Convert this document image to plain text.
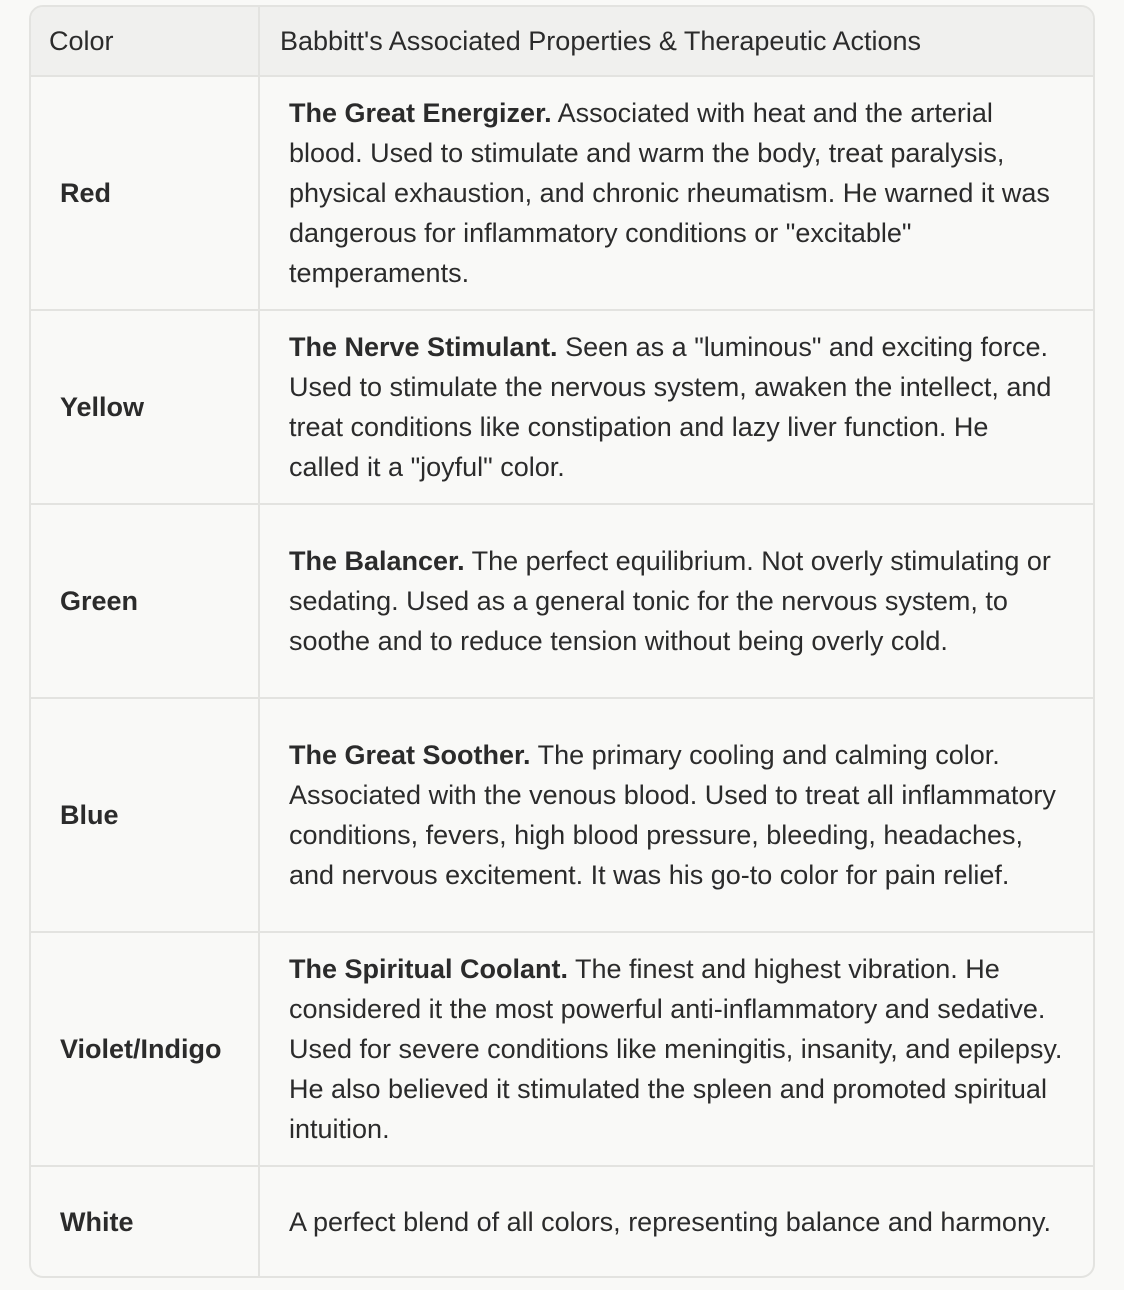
Color	Babbitt's Associated Properties & Therapeutic Actions
Red	The Great Energizer. Associated with heat and the arterial blood. Used to stimulate and warm the body, treat paralysis, physical exhaustion, and chronic rheumatism. He warned it was dangerous for inflammatory conditions or "excitable" temperaments.
Yellow	The Nerve Stimulant. Seen as a "luminous" and exciting force. Used to stimulate the nervous system, awaken the intellect, and treat conditions like constipation and lazy liver function. He called it a "joyful" color.
Green	The Balancer. The perfect equilibrium. Not overly stimulating or sedating. Used as a general tonic for the nervous system, to soothe and to reduce tension without being overly cold.
Blue	The Great Soother. The primary cooling and calming color. Associated with the venous blood. Used to treat all inflammatory conditions, fevers, high blood pressure, bleeding, headaches, and nervous excitement. It was his go-to color for pain relief.
Violet/Indigo	The Spiritual Coolant. The finest and highest vibration. He considered it the most powerful anti-inflammatory and sedative. Used for severe conditions like meningitis, insanity, and epilepsy. He also believed it stimulated the spleen and promoted spiritual intuition.
White	A perfect blend of all colors, representing balance and harmony.
